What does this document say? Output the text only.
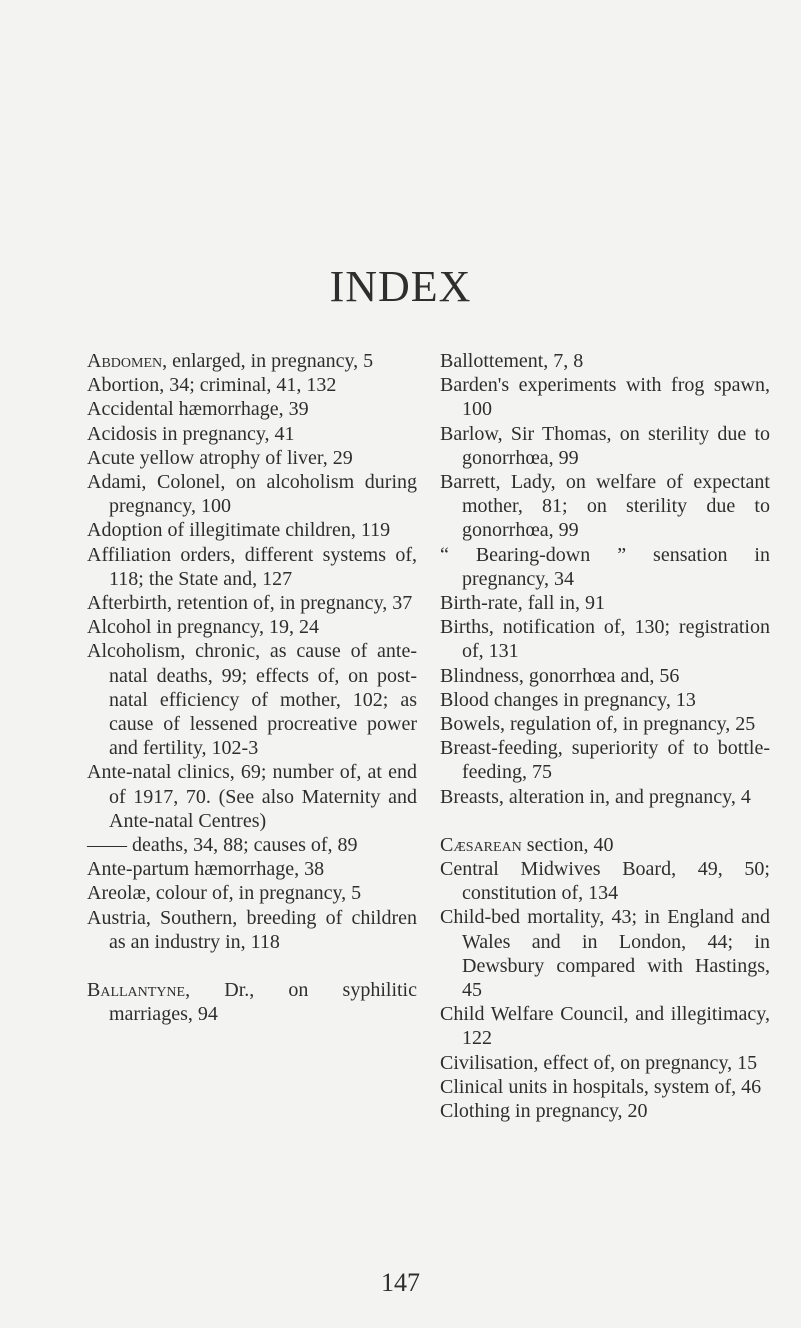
INDEX
Abdomen, enlarged, in pregnancy, 5
Abortion, 34; criminal, 41, 132
Accidental hæmorrhage, 39
Acidosis in pregnancy, 41
Acute yellow atrophy of liver, 29
Adami, Colonel, on alcoholism during pregnancy, 100
Adoption of illegitimate children, 119
Affiliation orders, different systems of, 118; the State and, 127
Afterbirth, retention of, in pregnancy, 37
Alcohol in pregnancy, 19, 24
Alcoholism, chronic, as cause of ante-natal deaths, 99; effects of, on post-natal efficiency of mother, 102; as cause of lessened procreative power and fertility, 102-3
Ante-natal clinics, 69; number of, at end of 1917, 70. (See also Maternity and Ante-natal Centres)
—— deaths, 34, 88; causes of, 89
Ante-partum hæmorrhage, 38
Areolæ, colour of, in pregnancy, 5
Austria, Southern, breeding of children as an industry in, 118
Ballantyne, Dr., on syphilitic marriages, 94
Ballottement, 7, 8
Barden's experiments with frog spawn, 100
Barlow, Sir Thomas, on sterility due to gonorrhœa, 99
Barrett, Lady, on welfare of expectant mother, 81; on sterility due to gonorrhœa, 99
“ Bearing-down ” sensation in pregnancy, 34
Birth-rate, fall in, 91
Births, notification of, 130; registration of, 131
Blindness, gonorrhœa and, 56
Blood changes in pregnancy, 13
Bowels, regulation of, in pregnancy, 25
Breast-feeding, superiority of to bottle-feeding, 75
Breasts, alteration in, and pregnancy, 4
Cæsarean section, 40
Central Midwives Board, 49, 50; constitution of, 134
Child-bed mortality, 43; in England and Wales and in London, 44; in Dewsbury compared with Hastings, 45
Child Welfare Council, and illegitimacy, 122
Civilisation, effect of, on pregnancy, 15
Clinical units in hospitals, system of, 46
Clothing in pregnancy, 20
147
